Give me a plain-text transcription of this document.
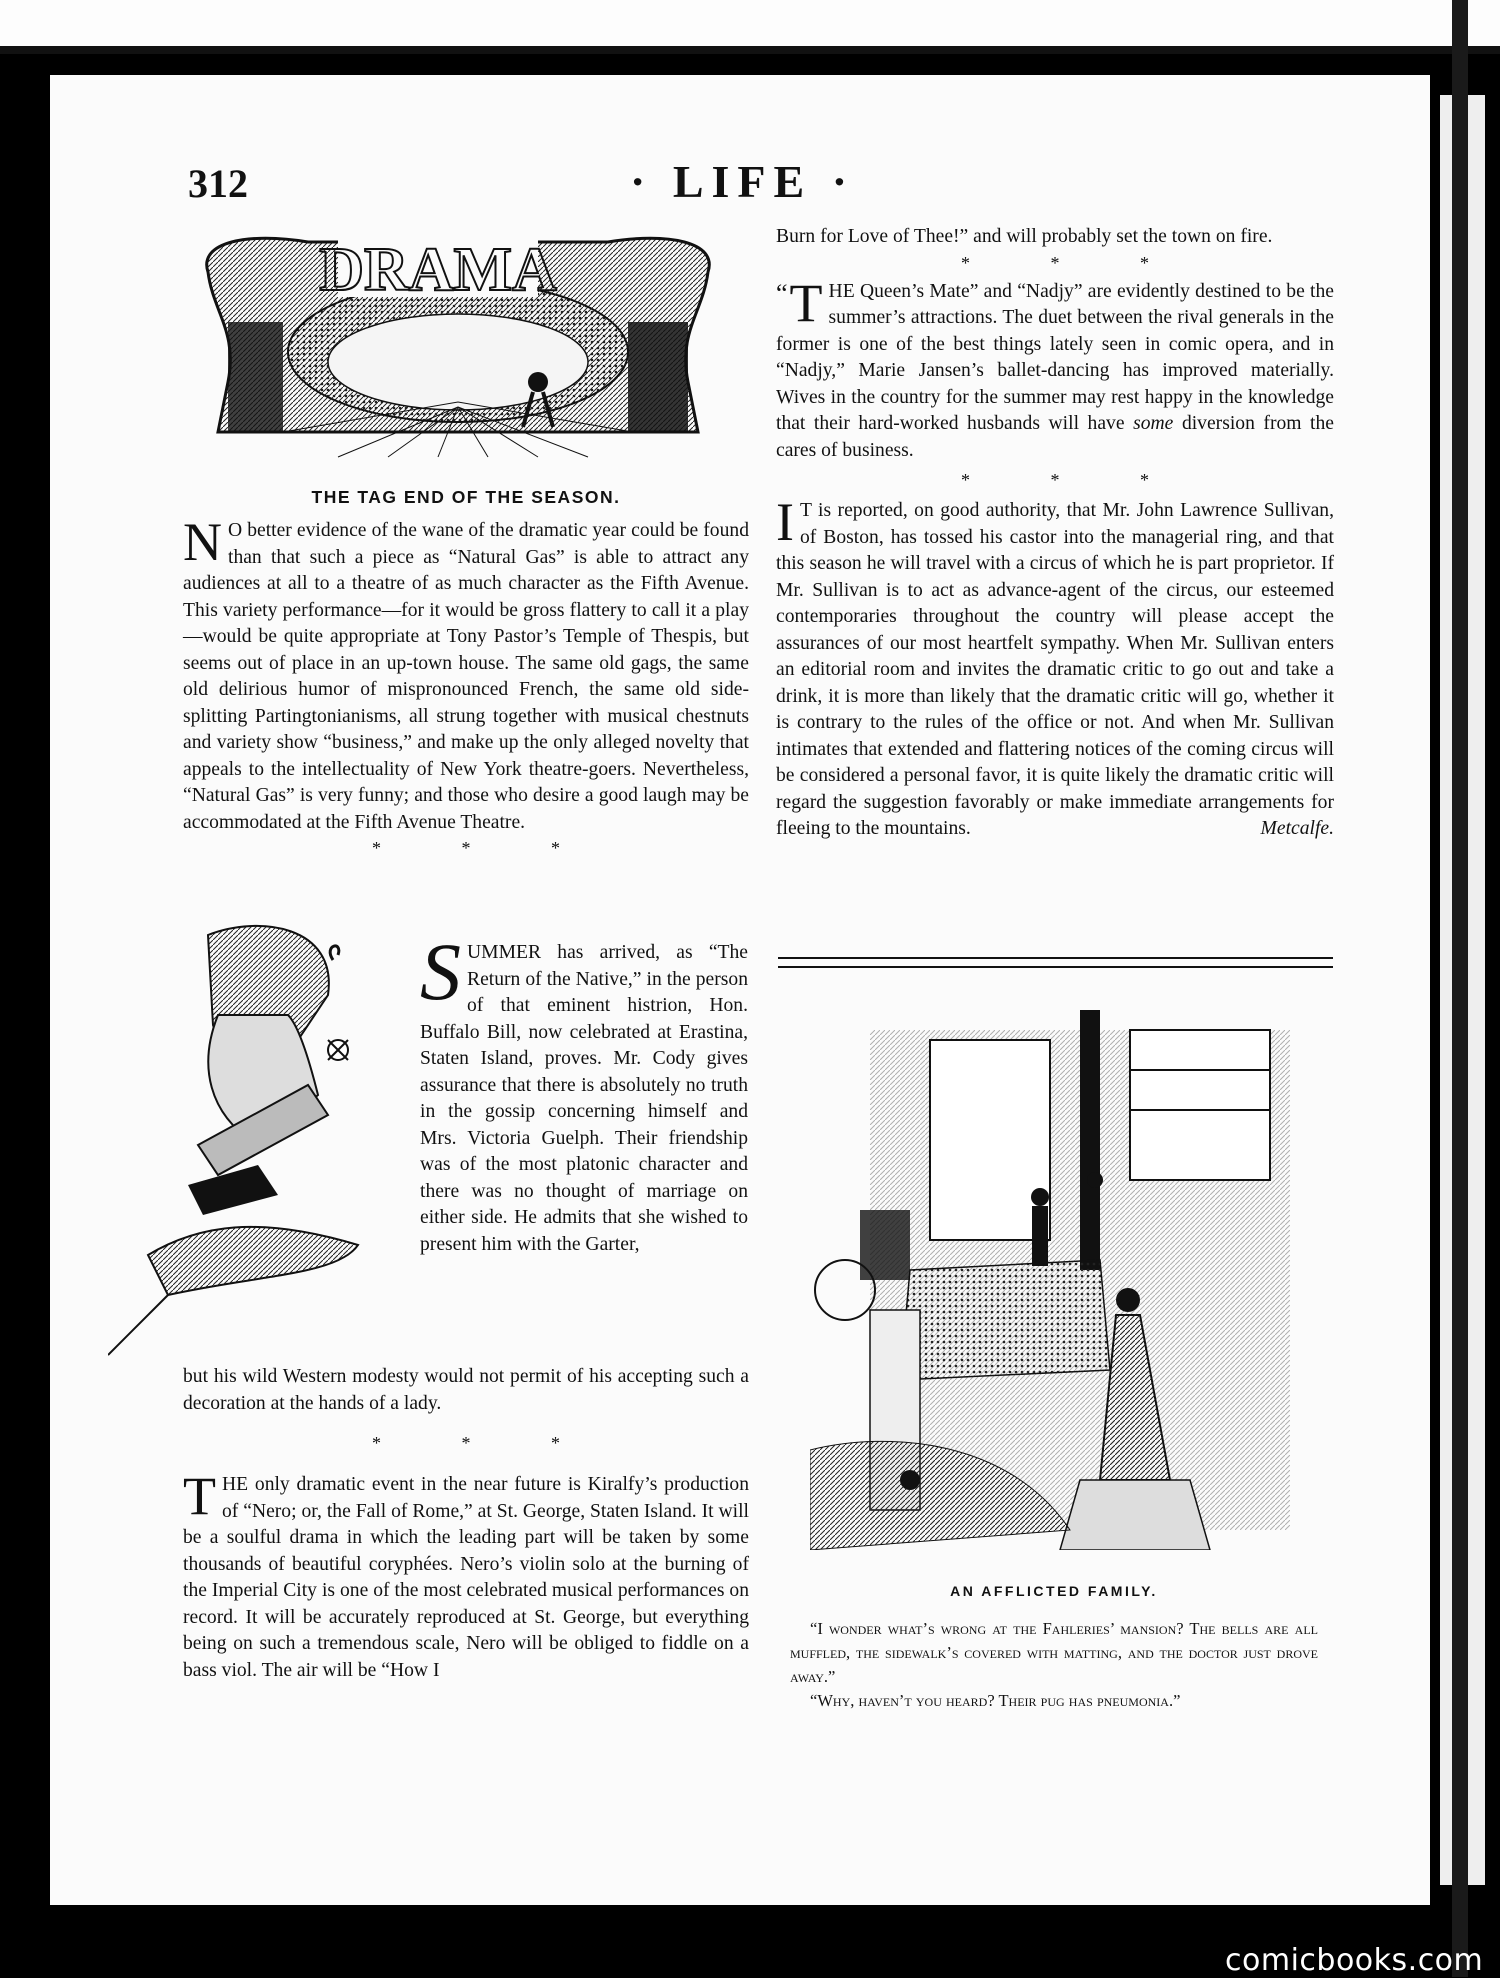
312	· LIFE ·
DRAMA
THE TAG END OF THE SEASON.

N O better evidence of the wane of the dramatic year could be found than that such a piece as “Natural Gas” is able to attract any audiences at all to a theatre of as much character as the Fifth Avenue. This variety performance—for it would be gross flattery to call it a play—would be quite appropriate at Tony Pastor’s Temple of Thespis, but seems out of place in an up-town house. The same old gags, the same old delirious humor of mispronounced French, the same old side-splitting Partingtonianisms, all strung together with musical chestnuts and variety show “business,” and make up the only alleged novelty that appeals to the intellectuality of New York theatre-goers. Nevertheless, “Natural Gas” is very funny; and those who desire a good laugh may be accommodated at the Fifth Avenue Theatre.

* * *

SUMMER has arrived, as “The Return of the Native,” in the person of that eminent histrion, Hon. Buffalo Bill, now celebrated at Erastina, Staten Island, proves. Mr. Cody gives assurance that there is absolutely no truth in the gossip concerning himself and Mrs. Victoria Guelph. Their friendship was of the most platonic character and there was no thought of marriage on either side. He admits that she wished to present him with the Garter,

but his wild Western modesty would not permit of his accepting such a decoration at the hands of a lady.

* * *

THE only dramatic event in the near future is Kiralfy’s production of “Nero; or, the Fall of Rome,” at St. George, Staten Island. It will be a soulful drama in which the leading part will be taken by some thousands of beautiful coryphées. Nero’s violin solo at the burning of the Imperial City is one of the most celebrated musical performances on record. It will be accurately reproduced at St. George, but everything being on such a tremendous scale, Nero will be obliged to fiddle on a bass viol. The air will be “How I

Burn for Love of Thee!” and will probably set the town on fire.

* * *

“ T HE Queen’s Mate” and “Nadjy” are evidently destined to be the summer’s attractions. The duet between the rival generals in the former is one of the best things lately seen in comic opera, and in “Nadjy,” Marie Jansen’s ballet-dancing has improved materially. Wives in the country for the summer may rest happy in the knowledge that their hard-worked husbands will have some diversion from the cares of business.

* * *

I T is reported, on good authority, that Mr. John Lawrence Sullivan, of Boston, has tossed his castor into the managerial ring, and that this season he will travel with a circus of which he is part proprietor. If Mr. Sullivan is to act as advance-agent of the circus, our esteemed contemporaries throughout the country will please accept the assurances of our most heartfelt sympathy. When Mr. Sullivan enters an editorial room and invites the dramatic critic to go out and take a drink, it is more than likely that the dramatic critic will go, whether it is contrary to the rules of the office or not. And when Mr. Sullivan intimates that extended and flattering notices of the coming circus will be considered a personal favor, it is quite likely the dramatic critic will regard the suggestion favorably or make immediate arrangements for fleeing to the mountains.	Metcalfe.

AN AFFLICTED FAMILY.

“I wonder what’s wrong at the Fahleries’ mansion? The bells are all muffled, the sidewalk’s covered with matting, and the doctor just drove away.”

“Why, haven’t you heard? Their pug has pneumonia.”

comicbooks.com
